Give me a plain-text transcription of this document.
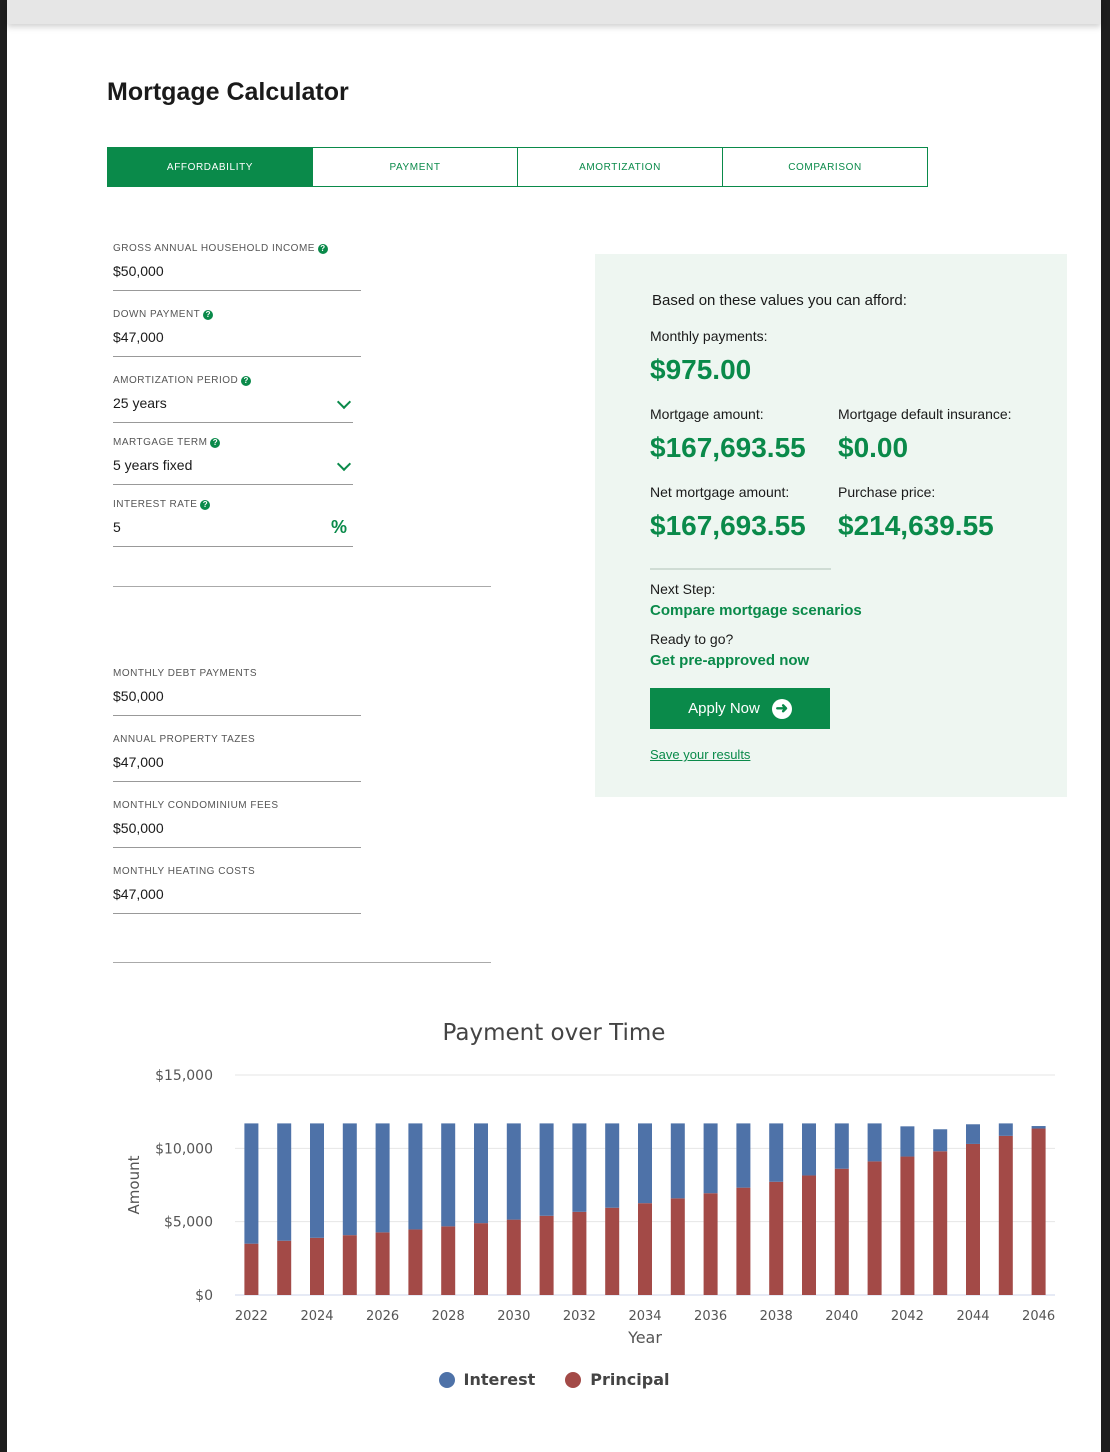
Mortgage Calculator
AFFORDABILITY	PAYMENT	AMORTIZATION	COMPARISON
GROSS ANNUAL HOUSEHOLD INCOME ?
$50,000
DOWN PAYMENT ?
$47,000
AMORTIZATION PERIOD ?
25 years
MARTGAGE TERM ?
5 years fixed
INTEREST RATE ?
5	%
MONTHLY DEBT PAYMENTS
$50,000
ANNUAL PROPERTY TAZES
$47,000
MONTHLY CONDOMINIUM FEES
$50,000
MONTHLY HEATING COSTS
$47,000
Based on these values you can afford:
Monthly payments:
$975.00
Mortgage amount:
$167,693.55
Mortgage default insurance:
$0.00
Net mortgage amount:
$167,693.55
Purchase price:
$214,639.55
Next Step:
Compare mortgage scenarios
Ready to go?
Get pre-approved now
Apply Now ➜
Save your results
Payment over Time
$0
$5,000
$10,000
$15,000
Amount
2022	2024	2026	2028	2030	2032	2034	2036	2038	2040	2042	2044	2046
Year
Interest	Principal
